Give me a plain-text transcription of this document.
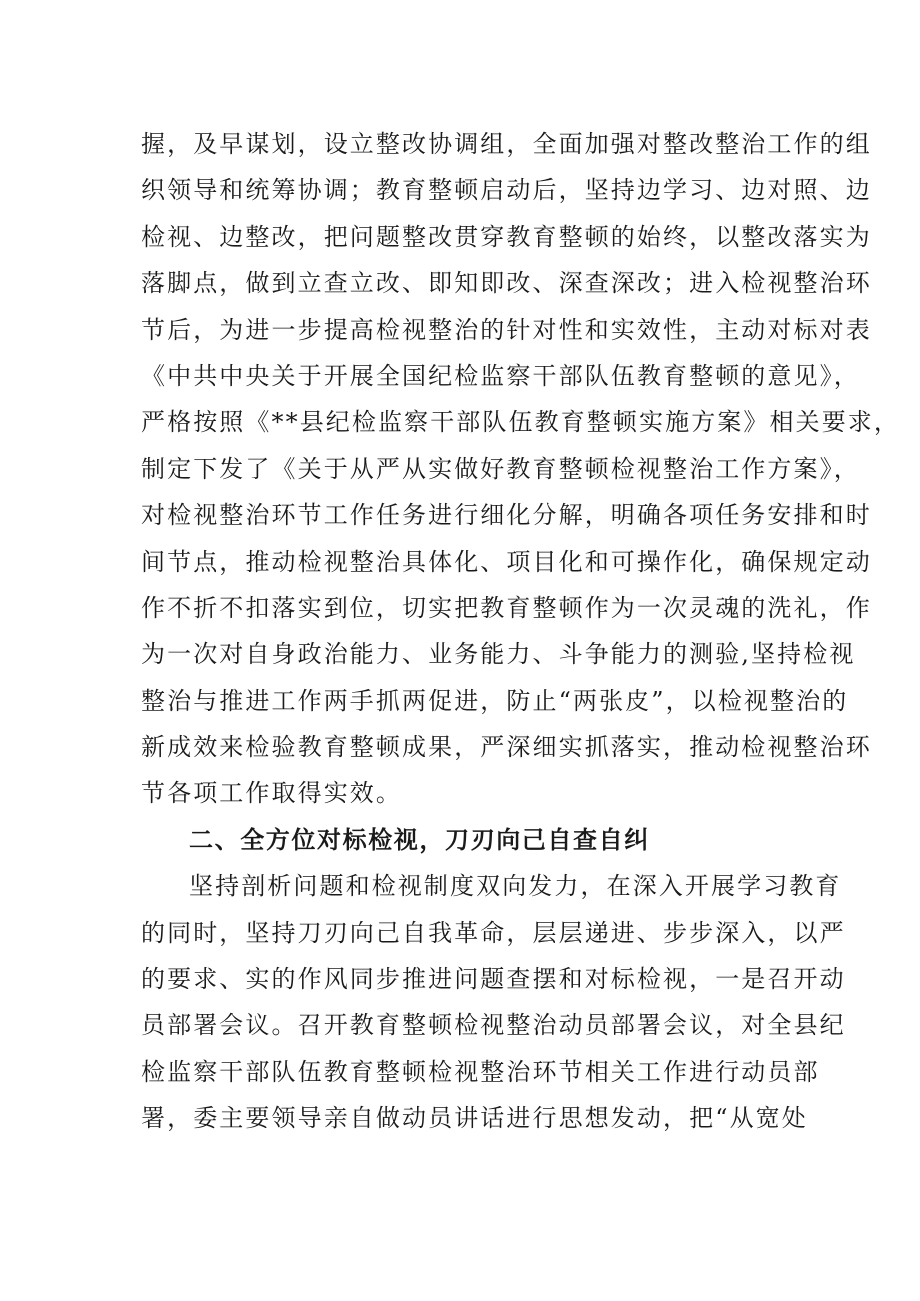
握，及早谋划，设立整改协调组，全面加强对整改整治工作的组
织领导和统筹协调；教育整顿启动后，坚持边学习、边对照、边
检视、边整改，把问题整改贯穿教育整顿的始终，以整改落实为
落脚点，做到立查立改、即知即改、深查深改；进入检视整治环
节后，为进一步提高检视整治的针对性和实效性，主动对标对表
《中共中央关于开展全国纪检监察干部队伍教育整顿的意见》，
严格按照《**县纪检监察干部队伍教育整顿实施方案》相关要求，
制定下发了《关于从严从实做好教育整顿检视整治工作方案》，
对检视整治环节工作任务进行细化分解，明确各项任务安排和时
间节点，推动检视整治具体化、项目化和可操作化，确保规定动
作不折不扣落实到位，切实把教育整顿作为一次灵魂的洗礼，作
为一次对自身政治能力、业务能力、斗争能力的测验,坚持检视
整治与推进工作两手抓两促进，防止“两张皮”，以检视整治的
新成效来检验教育整顿成果，严深细实抓落实，推动检视整治环
节各项工作取得实效。
二、全方位对标检视，刀刃向己自查自纠
坚持剖析问题和检视制度双向发力，在深入开展学习教育
的同时，坚持刀刃向己自我革命，层层递进、步步深入，以严
的要求、实的作风同步推进问题查摆和对标检视，一是召开动
员部署会议。召开教育整顿检视整治动员部署会议，对全县纪
检监察干部队伍教育整顿检视整治环节相关工作进行动员部
署，委主要领导亲自做动员讲话进行思想发动，把“从宽处
